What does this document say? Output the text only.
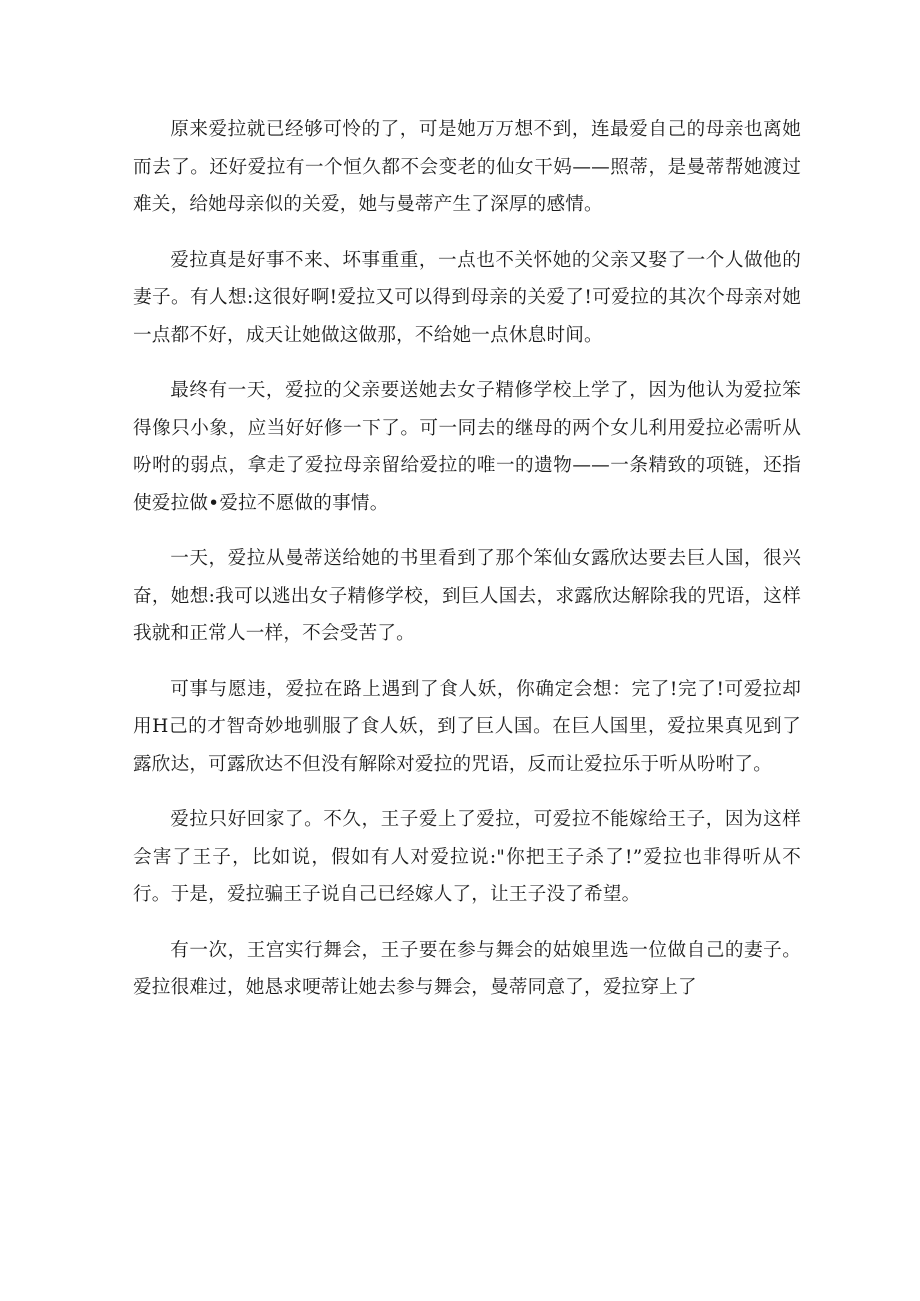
原来爱拉就已经够可怜的了，可是她万万想不到，连最爱自己的母亲也离她而去了。还好爱拉有一个恒久都不会变老的仙女干妈——照蒂，是曼蒂帮她渡过难关，给她母亲似的关爱，她与曼蒂产生了深厚的感情。

爱拉真是好事不来、坏事重重，一点也不关怀她的父亲又娶了一个人做他的妻子。有人想:这很好啊!爱拉又可以得到母亲的关爱了!可爱拉的其次个母亲对她一点都不好，成天让她做这做那，不给她一点休息时间。

最终有一天，爱拉的父亲要送她去女子精修学校上学了，因为他认为爱拉笨得像只小象，应当好好修一下了。可一同去的继母的两个女儿利用爱拉必需听从吩咐的弱点，拿走了爱拉母亲留给爱拉的唯一的遗物——一条精致的项链，还指使爱拉做•爱拉不愿做的事情。

一天，爱拉从曼蒂送给她的书里看到了那个笨仙女露欣达要去巨人国，很兴奋，她想:我可以逃出女子精修学校，到巨人国去，求露欣达解除我的咒语，这样我就和正常人一样，不会受苦了。

可事与愿违，爱拉在路上遇到了食人妖，你确定会想：完了!完了!可爱拉却用H己的才智奇妙地驯服了食人妖，到了巨人国。在巨人国里，爱拉果真见到了露欣达，可露欣达不但没有解除对爱拉的咒语，反而让爱拉乐于听从吩咐了。

爱拉只好回家了。不久，王子爱上了爱拉，可爱拉不能嫁给王子，因为这样会害了王子，比如说，假如有人对爱拉说:"你把王子杀了!”爱拉也非得听从不行。于是，爱拉骗王子说自己已经嫁人了，让王子没了希望。

有一次，王宫实行舞会，王子要在参与舞会的姑娘里选一位做自己的妻子。爱拉很难过，她恳求哽蒂让她去参与舞会，曼蒂同意了，爱拉穿上了
